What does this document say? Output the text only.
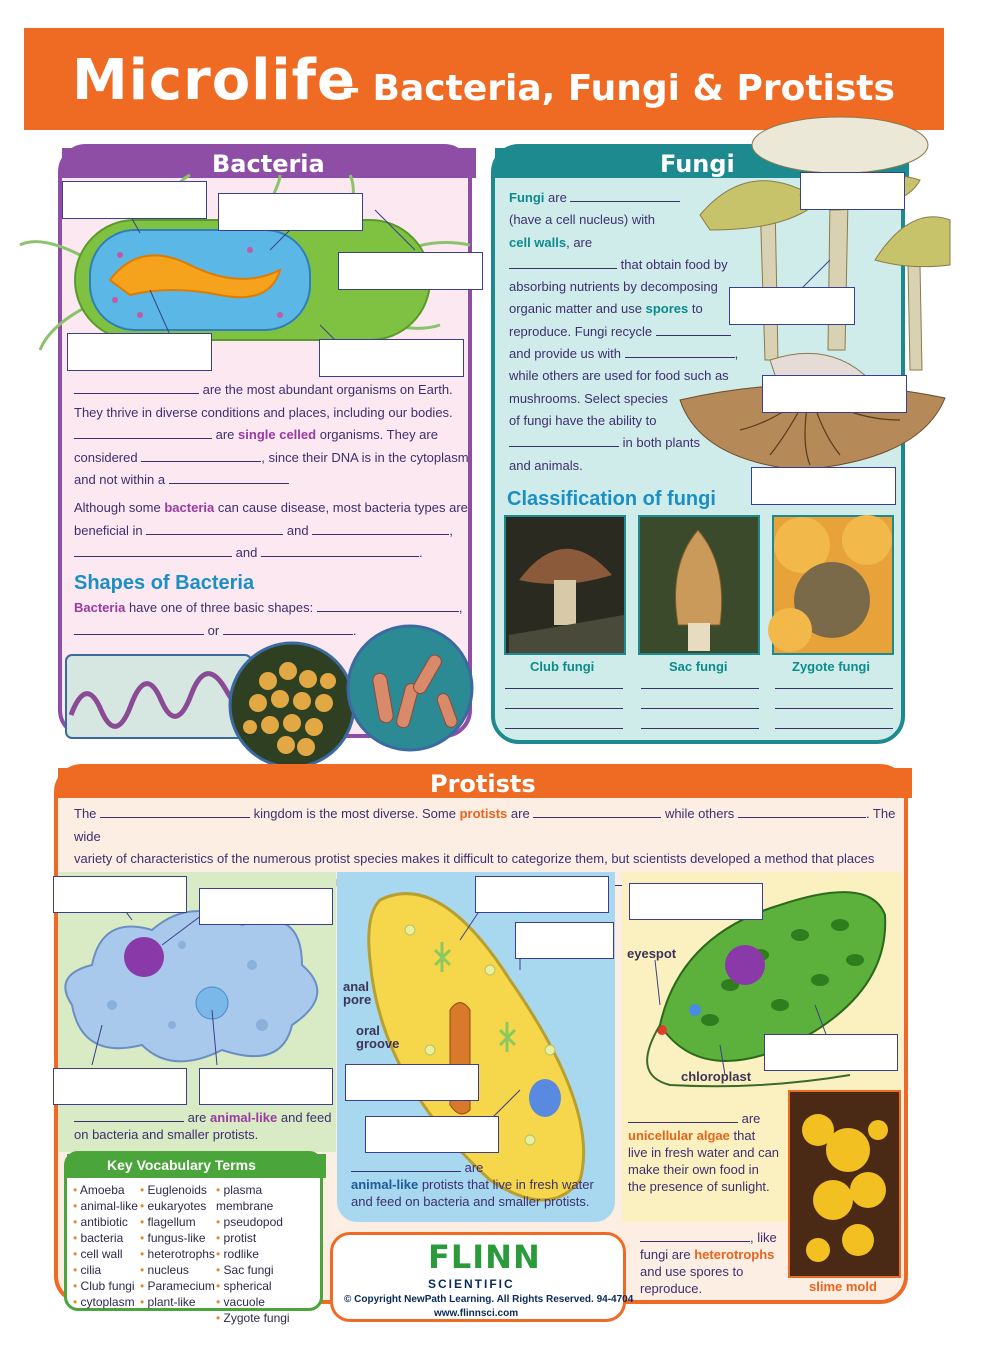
Microlife
– Bacteria, Fungi & Protists
Bacteria
are the most abundant organisms on Earth.
They thrive in diverse conditions and places, including our bodies.
are single celled organisms. They are
considered	, since their DNA is in the cytoplasm
and not within a
Although some bacteria can cause disease, most bacteria types are
beneficial in	and	,
and	.
Shapes of Bacteria
Bacteria have one of three basic shapes:	,
or	.
Fungi
Fungi are
(have a cell nucleus) with
cell walls, are
that obtain food by
absorbing nutrients by decomposing
organic matter and use spores to
reproduce. Fungi recycle
and provide us with	,
while others are used for food such as
mushrooms. Select species
of fungi have the ability to
in both plants
and animals.
Classification of fungi
Club fungi	Sac fungi	Zygote fungi
Protists
The	kingdom is the most diverse. Some protists are	while others	. The wide
variety of characteristics of the numerous protist species makes it difficult to categorize them, but scientists developed a method that places

are animal-like and feed
on bacteria and smaller protists.
Key Vocabulary Terms
• Amoeba
• animal-like
• antibiotic
• bacteria
• cell wall
• cilia
• Club fungi
• cytoplasm
• Euglenoids
• eukaryotes
• flagellum
• fungus-like
• heterotrophs
• nucleus
• Paramecium
• plant-like
• plasma membrane
• pseudopod
• protist
• rodlike
• Sac fungi
• spherical
• vacuole
• Zygote fungi
anal
pore
oral
groove
are
animal-like protists that live in fresh water
and feed on bacteria and smaller protists.
eyespot
chloroplast
are
unicellular algae that
live in fresh water and can
make their own food in
the presence of sunlight.
slime mold
, like
fungi are heterotrophs
and use spores to
reproduce.
FLINN
SCIENTIFIC
© Copyright NewPath Learning. All Rights Reserved. 94-4704
www.flinnsci.com
